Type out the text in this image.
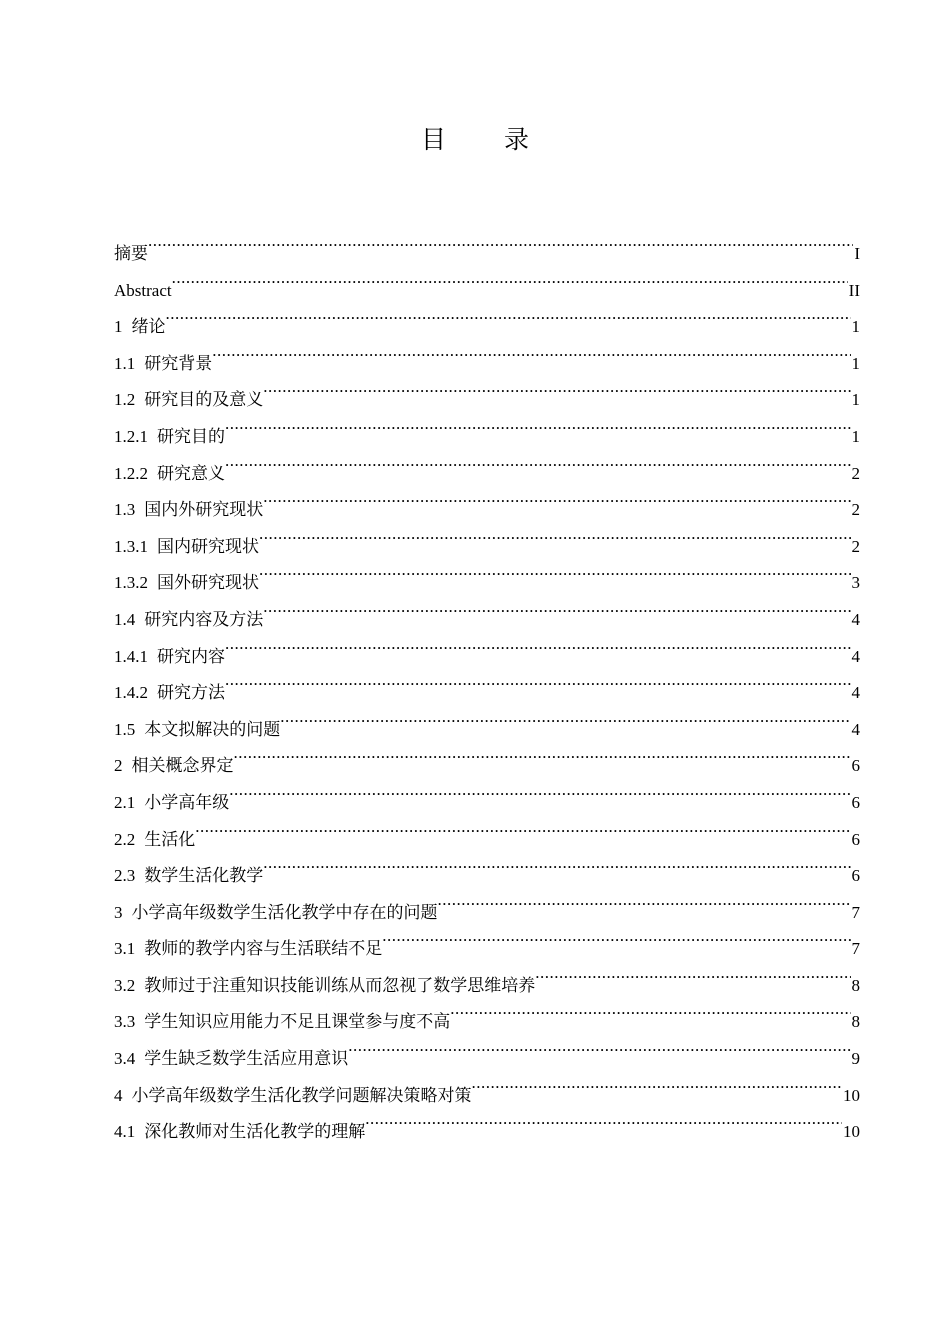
目 录
摘要 .....	I
Abstract .....	II
1 绪论 .....	1
1.1 研究背景 .....	1
1.2 研究目的及意义 .....	1
1.2.1 研究目的 .....	1
1.2.2 研究意义 .....	2
1.3 国内外研究现状 .....	2
1.3.1 国内研究现状 .....	2
1.3.2 国外研究现状 .....	3
1.4 研究内容及方法 .....	4
1.4.1 研究内容 .....	4
1.4.2 研究方法 .....	4
1.5 本文拟解决的问题 .....	4
2 相关概念界定 .....	6
2.1 小学高年级 .....	6
2.2 生活化 .....	6
2.3 数学生活化教学 .....	6
3 小学高年级数学生活化教学中存在的问题 .....	7
3.1 教师的教学内容与生活联结不足 .....	7
3.2 教师过于注重知识技能训练从而忽视了数学思维培养 .....	8
3.3 学生知识应用能力不足且课堂参与度不高 .....	8
3.4 学生缺乏数学生活应用意识 .....	9
4 小学高年级数学生活化教学问题解决策略对策 .....	10
4.1 深化教师对生活化教学的理解 .....	10
